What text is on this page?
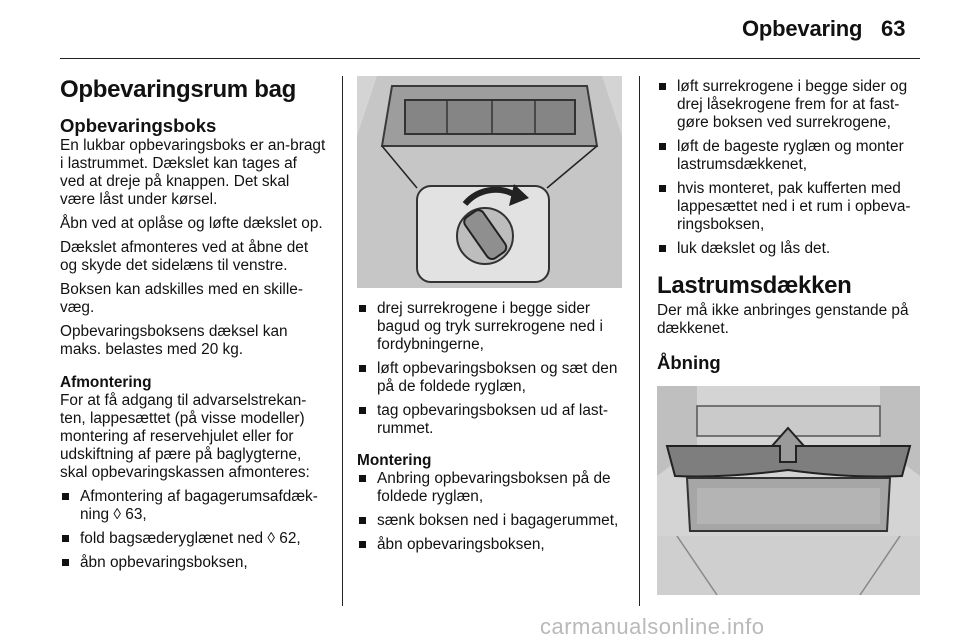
Opbevaring 63
Opbevaringsrum bag
Opbevaringsboks

En lukbar opbevaringsboks er an-bragt i lastrummet. Dækslet kan tages af ved at dreje på knappen. Det skal være låst under kørsel.

Åbn ved at oplåse og løfte dækslet op.

Dækslet afmonteres ved at åbne det og skyde det sidelæns til venstre.

Boksen kan adskilles med en skille-væg.

Opbevaringsboksens dæksel kan maks. belastes med 20 kg.

Afmontering

For at få adgang til advarselstrekan-ten, lappesættet (på visse modeller) montering af reservehjulet eller for udskiftning af pære på baglygterne, skal opbevaringskassen afmonteres:

Afmontering af bagagerumsafdæk-ning ◊ 63,
fold bagsæderyglænet ned ◊ 62,
åbn opbevaringsboksen,
drej surrekrogene i begge sider bagud og tryk surrekrogene ned i fordybningerne,
løft opbevaringsboksen og sæt den på de foldede ryglæn,
tag opbevaringsboksen ud af last-rummet.
Montering
Anbring opbevaringsboksen på de foldede ryglæn,
sænk boksen ned i bagagerummet,
åbn opbevaringsboksen,
løft surrekrogene i begge sider og drej låsekrogene frem for at fast-gøre boksen ved surrekrogene,
løft de bageste ryglæn og monter lastrumsdækkenet,
hvis monteret, pak kufferten med lappesættet ned i et rum i opbeva-ringsboksen,
luk dækslet og lås det.
Lastrumsdækken

Der må ikke anbringes genstande på dækkenet.

Åbning
carmanualsonline.info
